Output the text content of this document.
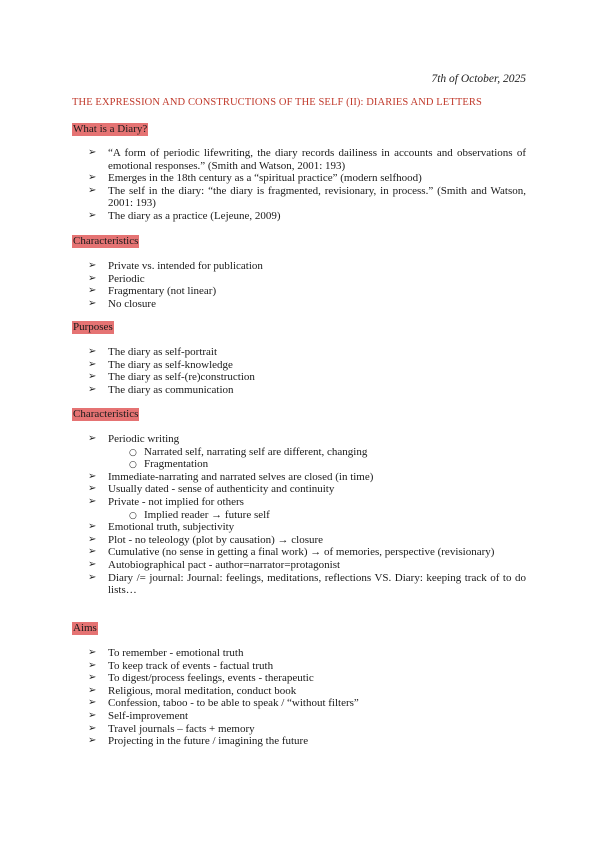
7th of October, 2025
THE EXPRESSION AND CONSTRUCTIONS OF THE SELF (II): DIARIES AND LETTERS
What is a Diary?
➢ “A form of periodic lifewriting, the diary records dailiness in accounts and observations of emotional responses.” (Smith and Watson, 2001: 193)
➢ Emerges in the 18th century as a “spiritual practice” (modern selfhood)
➢ The self in the diary: “the diary is fragmented, revisionary, in process.” (Smith and Watson, 2001: 193)
➢ The diary as a practice (Lejeune, 2009)
Characteristics
➢ Private vs. intended for publication
➢ Periodic
➢ Fragmentary (not linear)
➢ No closure
Purposes
➢ The diary as self-portrait
➢ The diary as self-knowledge
➢ The diary as self-(re)construction
➢ The diary as communication
Characteristics
➢ Periodic writing
○ Narrated self, narrating self are different, changing
○ Fragmentation
➢ Immediate-narrating and narrated selves are closed (in time)
➢ Usually dated - sense of authenticity and continuity
➢ Private - not implied for others
○ Implied reader → future self
➢ Emotional truth, subjectivity
➢ Plot - no teleology (plot by causation) → closure
➢ Cumulative (no sense in getting a final work) → of memories, perspective (revisionary)
➢ Autobiographical pact - author=narrator=protagonist
➢ Diary /= journal: Journal: feelings, meditations, reflections VS. Diary: keeping track of to do lists…
Aims
➢ To remember - emotional truth
➢ To keep track of events - factual truth
➢ To digest/process feelings, events - therapeutic
➢ Religious, moral meditation, conduct book
➢ Confession, taboo - to be able to speak / “without filters”
➢ Self-improvement
➢ Travel journals – facts + memory
➢ Projecting in the future / imagining the future
